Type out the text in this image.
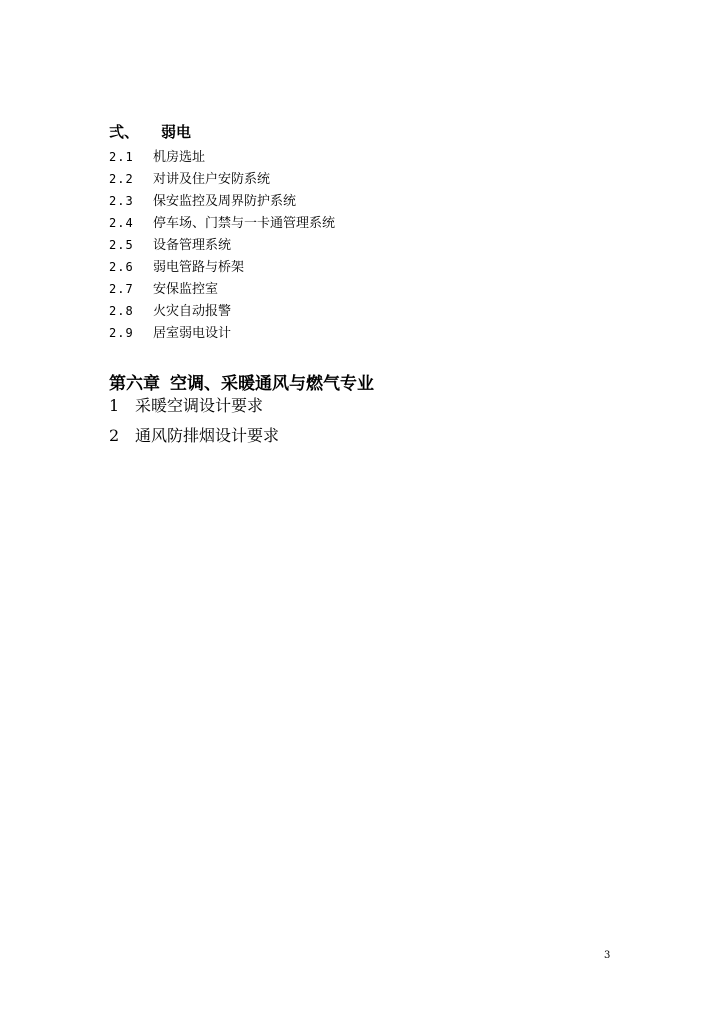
弍、 弱电
2.1 机房选址
2.2 对讲及住户安防系统
2.3 保安监控及周界防护系统
2.4 停车场、门禁与一卡通管理系统
2.5 设备管理系统
2.6 弱电管路与桥架
2.7 安保监控室
2.8 火灾自动报警
2.9 居室弱电设计
第六章 空调、采暖通风与燃气专业
1 采暖空调设计要求
2 通风防排烟设计要求
3
